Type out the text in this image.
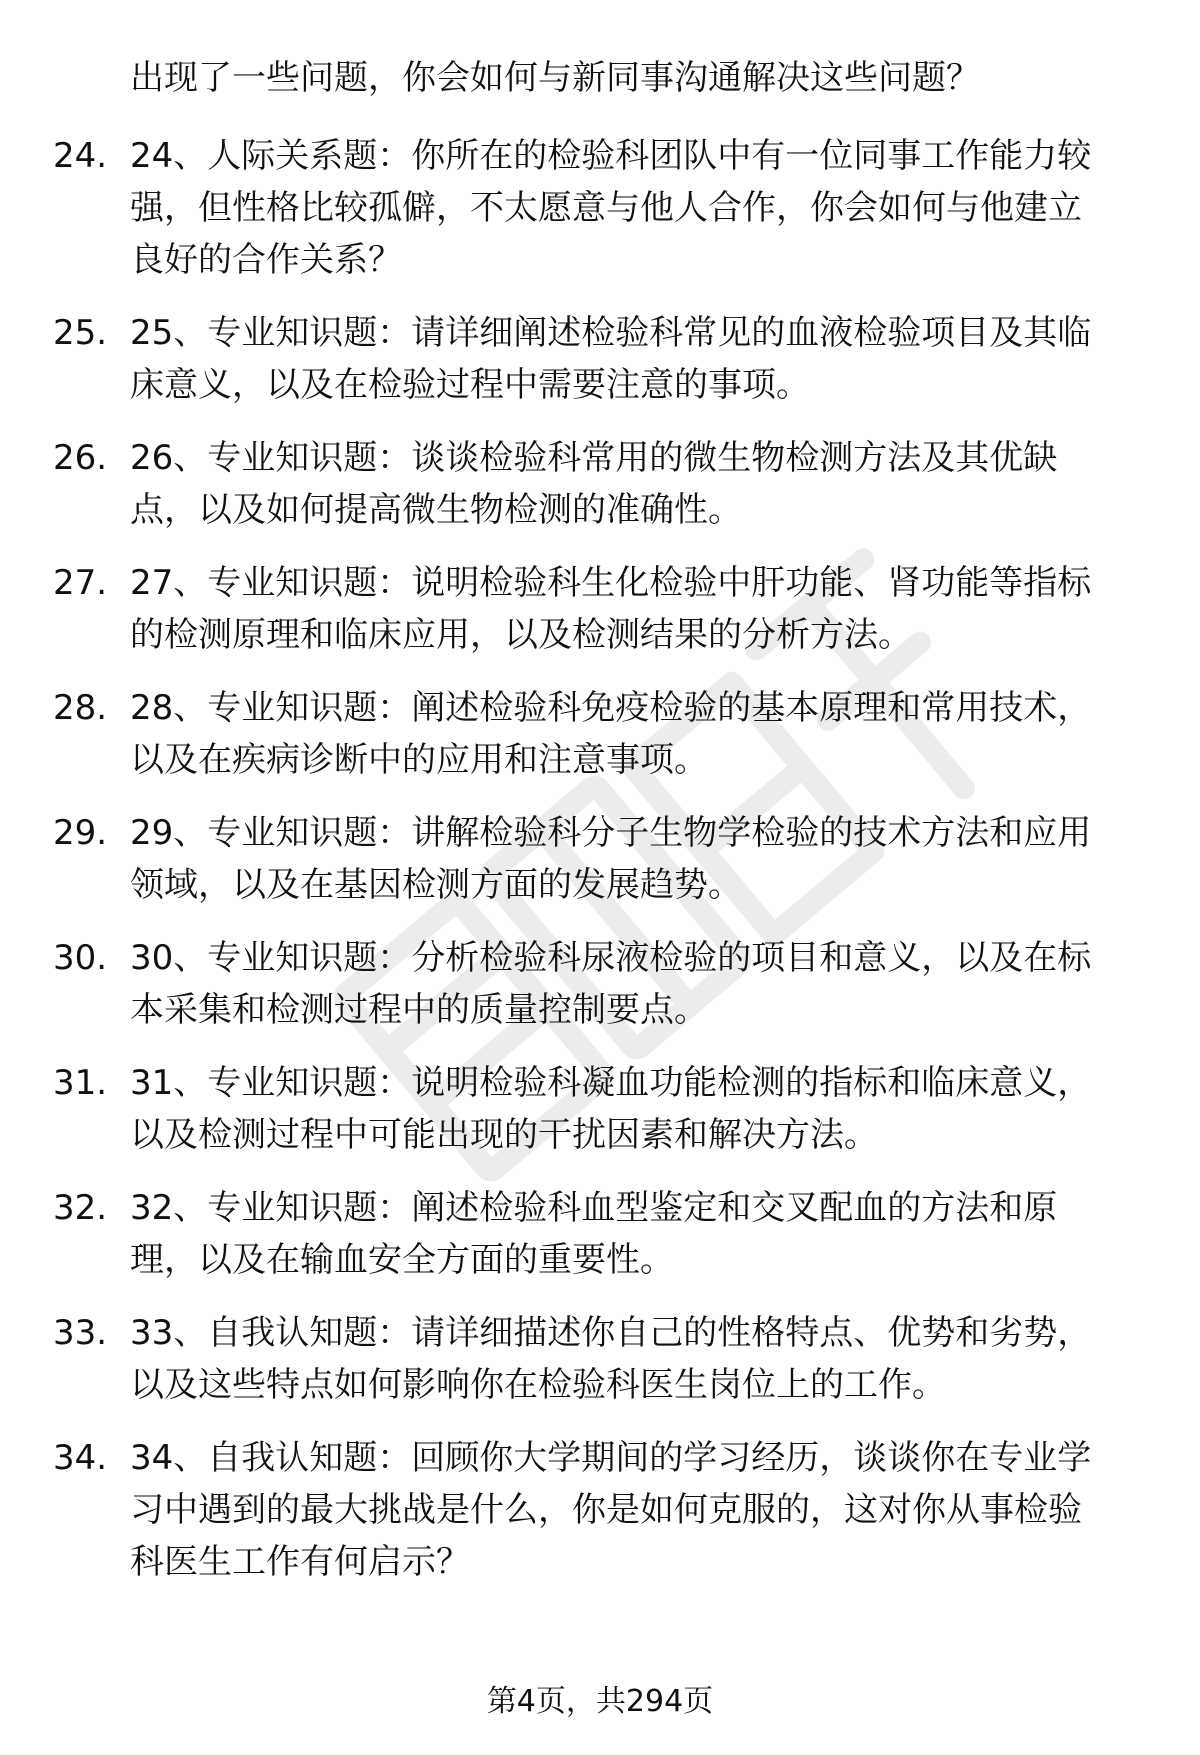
出现了一些问题，你会如何与新同事沟通解决这些问题？
24. 24、人际关系题：你所在的检验科团队中有一位同事工作能力较
强，但性格比较孤僻，不太愿意与他人合作，你会如何与他建立
良好的合作关系？
25. 25、专业知识题：请详细阐述检验科常见的血液检验项目及其临
床意义，以及在检验过程中需要注意的事项。
26. 26、专业知识题：谈谈检验科常用的微生物检测方法及其优缺
点，以及如何提高微生物检测的准确性。
27. 27、专业知识题：说明检验科生化检验中肝功能、肾功能等指标
的检测原理和临床应用，以及检测结果的分析方法。
28. 28、专业知识题：阐述检验科免疫检验的基本原理和常用技术，
以及在疾病诊断中的应用和注意事项。
29. 29、专业知识题：讲解检验科分子生物学检验的技术方法和应用
领域，以及在基因检测方面的发展趋势。
30. 30、专业知识题：分析检验科尿液检验的项目和意义，以及在标
本采集和检测过程中的质量控制要点。
31. 31、专业知识题：说明检验科凝血功能检测的指标和临床意义，
以及检测过程中可能出现的干扰因素和解决方法。
32. 32、专业知识题：阐述检验科血型鉴定和交叉配血的方法和原
理，以及在输血安全方面的重要性。
33. 33、自我认知题：请详细描述你自己的性格特点、优势和劣势，
以及这些特点如何影响你在检验科医生岗位上的工作。
34. 34、自我认知题：回顾你大学期间的学习经历，谈谈你在专业学
习中遇到的最大挑战是什么，你是如何克服的，这对你从事检验
科医生工作有何启示？
第4页，共294页
